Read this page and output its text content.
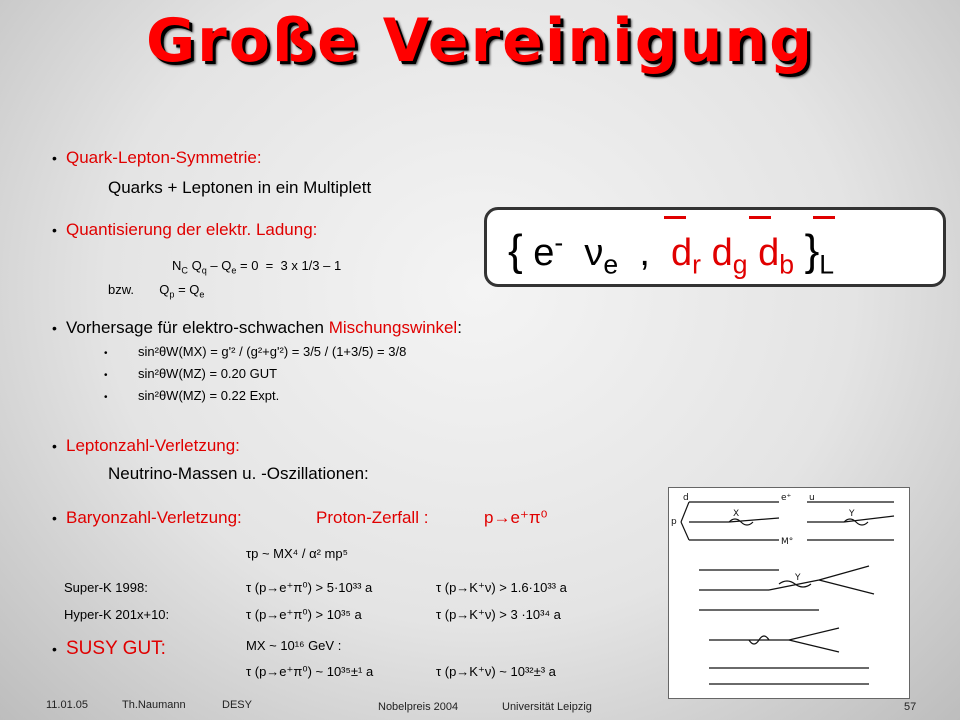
Große Vereinigung
• Quark-Lepton-Symmetrie:
Quarks + Leptonen in ein Multiplett
• Quantisierung der elektr. Ladung:
$N_C$ $Q_q - Q_e = 0 = 3$ x 1/3 – 1
bzw.       $Q_p = Q_e$
{ e- $\nu_e$ , $d_r$ $d_g$ $d_b$ }$_L$
• Vorhersage für elektro-schwachen Mischungswinkel:
• sin²θW(MX) = g'² / (g²+g'²) = 3/5 / (1+3/5) = 3/8
• sin²θW(MZ) = 0.20 GUT
• sin²θW(MZ) = 0.22 Expt.
• Leptonzahl-Verletzung:
Neutrino-Massen u. -Oszillationen:
• Baryonzahl-Verletzung:	Proton-Zerfall :	p→e⁺π⁰
τp ~ MX⁴ / α² mp⁵
Super-K 1998:	τ (p→e⁺π⁰) > 5·10³³ a	τ (p→K⁺ν) > 1.6·10³³ a
Hyper-K 201x+10:	τ (p→e⁺π⁰) > 10³⁵ a	τ (p→K⁺ν) > 3 ·10³⁴ a
• SUSY GUT:	MX ~ 10¹⁶ GeV :
τ (p→e⁺π⁰) ~ 10³⁵±¹ a	τ (p→K⁺ν) ~ 10³²±³ a
d	e⁺
X
p
M°
u
Y
Y
11.01.05	Th.Naumann	DESY	Nobelpreis 2004	Universität Leipzig	57
